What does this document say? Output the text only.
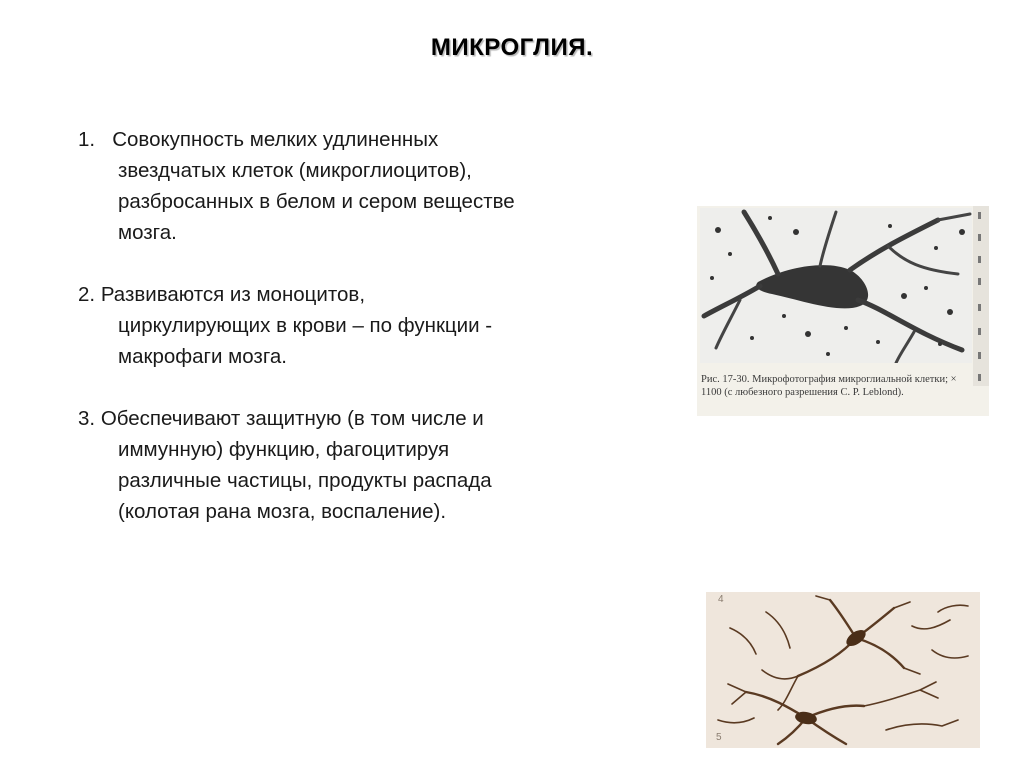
МИКРОГЛИЯ.
1. Совокупность мелких удлиненных звездчатых клеток (микроглиоцитов), разбросанных в белом и сером веществе мозга.
2. Развиваются из моноцитов, циркулирующих в крови – по функции - макрофаги мозга.
3. Обеспечивают защитную (в том числе и иммунную) функцию, фагоцитируя различные частицы, продукты распада (колотая рана мозга, воспаление).
Рис. 17-30. Микрофотография микроглиальной клетки; × 1100 (с любезного разрешения C. P. Leblond).
4
5
